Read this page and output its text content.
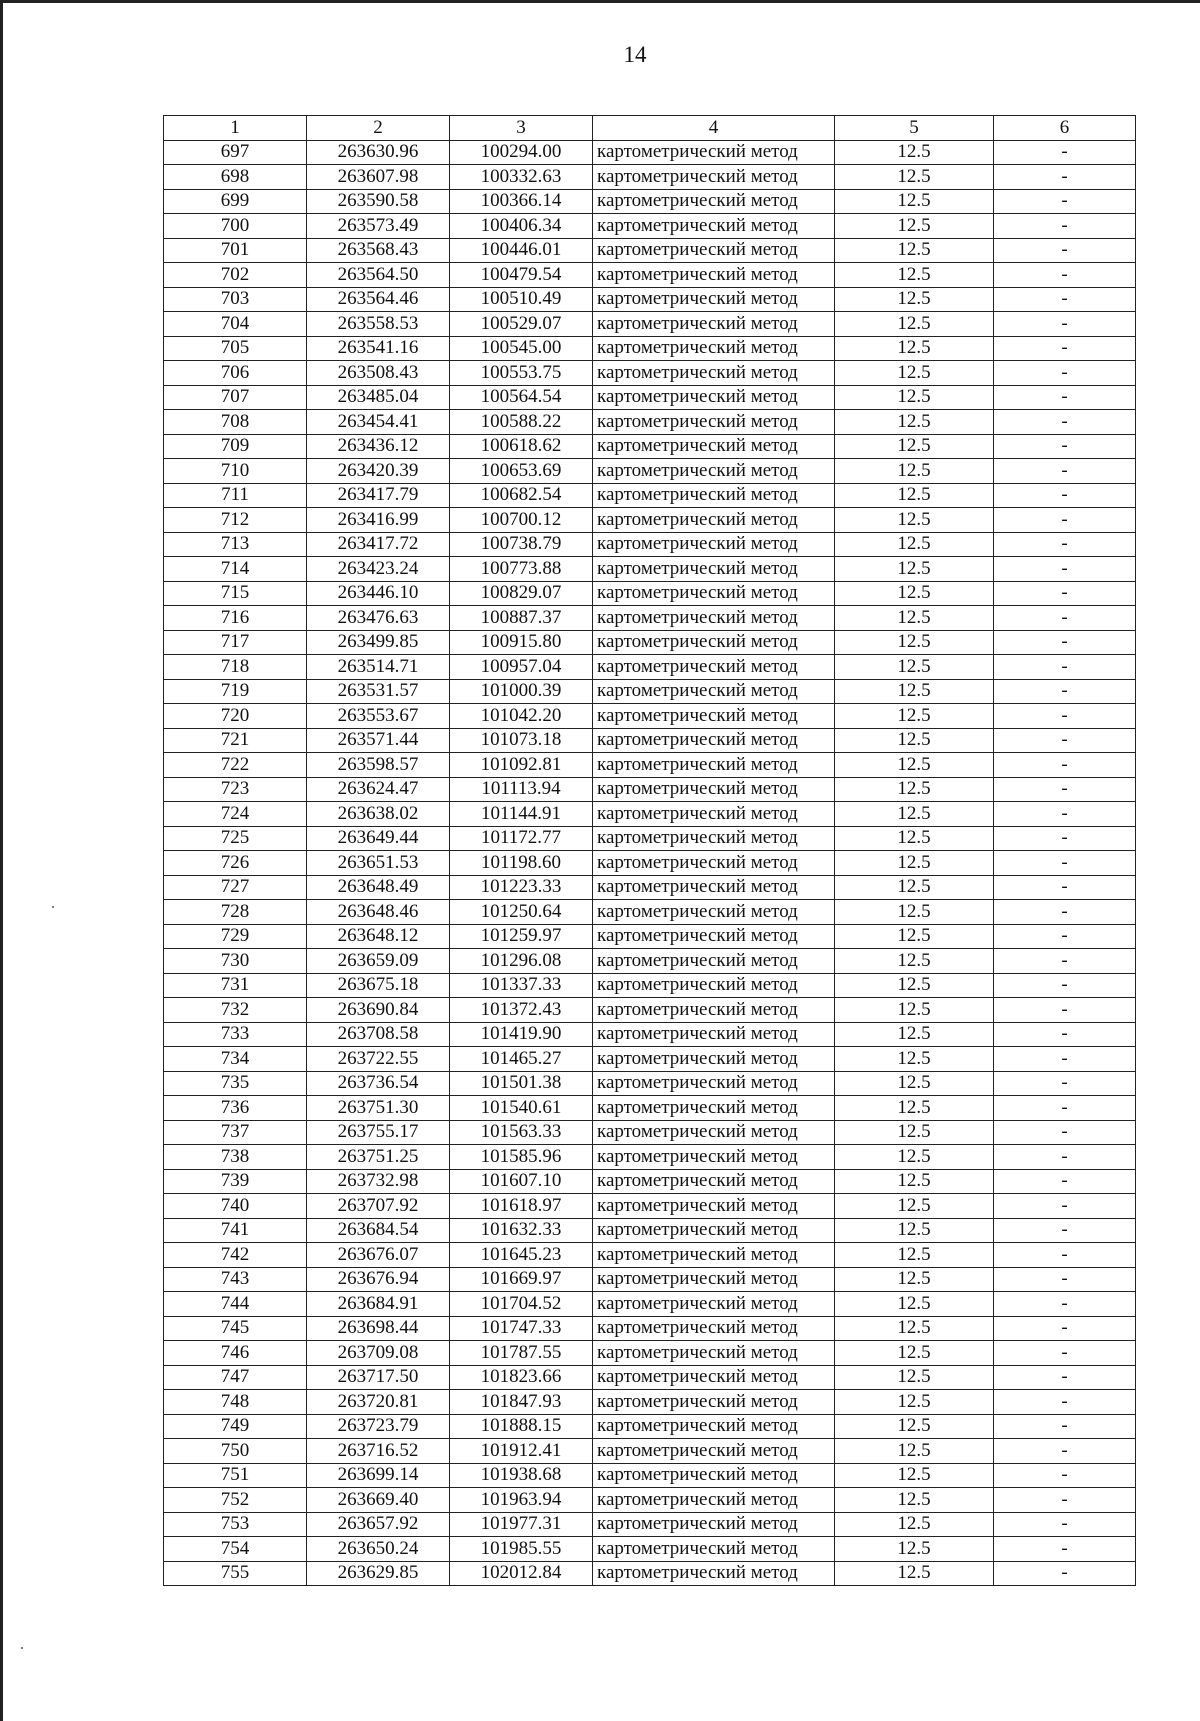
14
1	2	3	4	5	6
697	263630.96	100294.00	картометрический метод	12.5	-
698	263607.98	100332.63	картометрический метод	12.5	-
699	263590.58	100366.14	картометрический метод	12.5	-
700	263573.49	100406.34	картометрический метод	12.5	-
701	263568.43	100446.01	картометрический метод	12.5	-
702	263564.50	100479.54	картометрический метод	12.5	-
703	263564.46	100510.49	картометрический метод	12.5	-
704	263558.53	100529.07	картометрический метод	12.5	-
705	263541.16	100545.00	картометрический метод	12.5	-
706	263508.43	100553.75	картометрический метод	12.5	-
707	263485.04	100564.54	картометрический метод	12.5	-
708	263454.41	100588.22	картометрический метод	12.5	-
709	263436.12	100618.62	картометрический метод	12.5	-
710	263420.39	100653.69	картометрический метод	12.5	-
711	263417.79	100682.54	картометрический метод	12.5	-
712	263416.99	100700.12	картометрический метод	12.5	-
713	263417.72	100738.79	картометрический метод	12.5	-
714	263423.24	100773.88	картометрический метод	12.5	-
715	263446.10	100829.07	картометрический метод	12.5	-
716	263476.63	100887.37	картометрический метод	12.5	-
717	263499.85	100915.80	картометрический метод	12.5	-
718	263514.71	100957.04	картометрический метод	12.5	-
719	263531.57	101000.39	картометрический метод	12.5	-
720	263553.67	101042.20	картометрический метод	12.5	-
721	263571.44	101073.18	картометрический метод	12.5	-
722	263598.57	101092.81	картометрический метод	12.5	-
723	263624.47	101113.94	картометрический метод	12.5	-
724	263638.02	101144.91	картометрический метод	12.5	-
725	263649.44	101172.77	картометрический метод	12.5	-
726	263651.53	101198.60	картометрический метод	12.5	-
727	263648.49	101223.33	картометрический метод	12.5	-
728	263648.46	101250.64	картометрический метод	12.5	-
729	263648.12	101259.97	картометрический метод	12.5	-
730	263659.09	101296.08	картометрический метод	12.5	-
731	263675.18	101337.33	картометрический метод	12.5	-
732	263690.84	101372.43	картометрический метод	12.5	-
733	263708.58	101419.90	картометрический метод	12.5	-
734	263722.55	101465.27	картометрический метод	12.5	-
735	263736.54	101501.38	картометрический метод	12.5	-
736	263751.30	101540.61	картометрический метод	12.5	-
737	263755.17	101563.33	картометрический метод	12.5	-
738	263751.25	101585.96	картометрический метод	12.5	-
739	263732.98	101607.10	картометрический метод	12.5	-
740	263707.92	101618.97	картометрический метод	12.5	-
741	263684.54	101632.33	картометрический метод	12.5	-
742	263676.07	101645.23	картометрический метод	12.5	-
743	263676.94	101669.97	картометрический метод	12.5	-
744	263684.91	101704.52	картометрический метод	12.5	-
745	263698.44	101747.33	картометрический метод	12.5	-
746	263709.08	101787.55	картометрический метод	12.5	-
747	263717.50	101823.66	картометрический метод	12.5	-
748	263720.81	101847.93	картометрический метод	12.5	-
749	263723.79	101888.15	картометрический метод	12.5	-
750	263716.52	101912.41	картометрический метод	12.5	-
751	263699.14	101938.68	картометрический метод	12.5	-
752	263669.40	101963.94	картометрический метод	12.5	-
753	263657.92	101977.31	картометрический метод	12.5	-
754	263650.24	101985.55	картометрический метод	12.5	-
755	263629.85	102012.84	картометрический метод	12.5	-
